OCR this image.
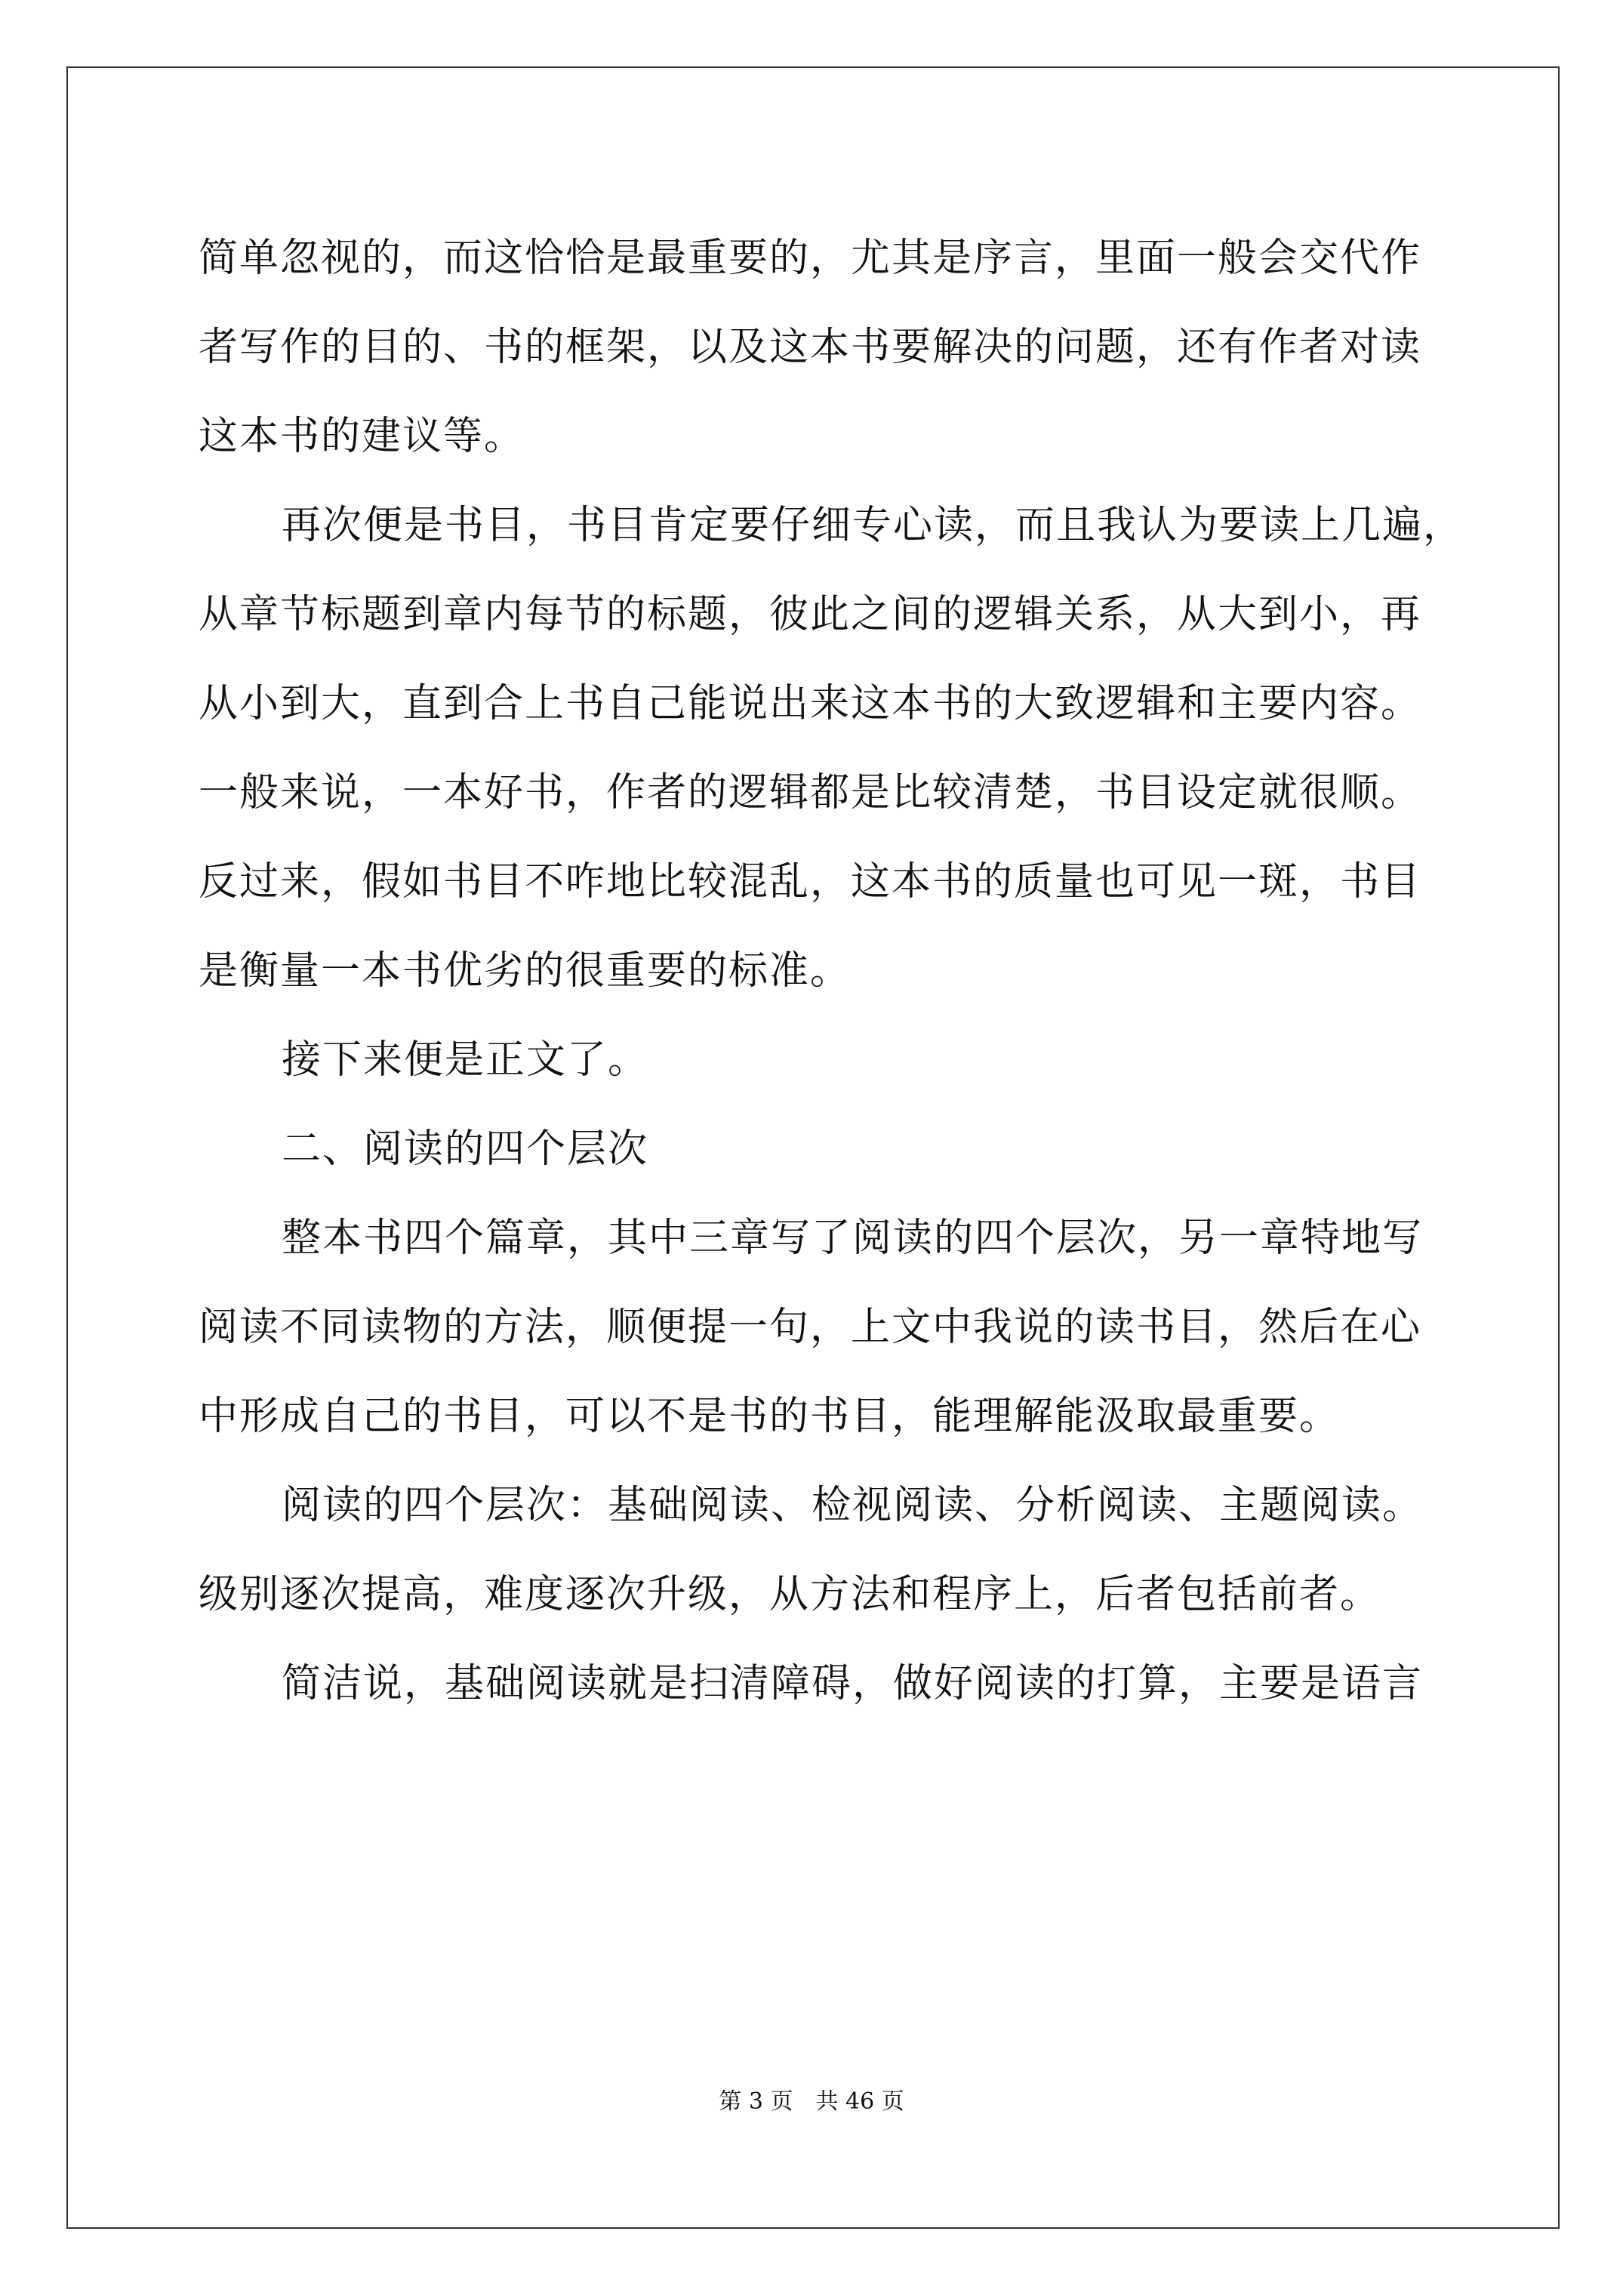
简单忽视的，而这恰恰是最重要的，尤其是序言，里面一般会交代作
者写作的目的、书的框架，以及这本书要解决的问题，还有作者对读
这本书的建议等。
再次便是书目，书目肯定要仔细专心读，而且我认为要读上几遍，
从章节标题到章内每节的标题，彼此之间的逻辑关系，从大到小，再
从小到大，直到合上书自己能说出来这本书的大致逻辑和主要内容。
一般来说，一本好书，作者的逻辑都是比较清楚，书目设定就很顺。
反过来，假如书目不咋地比较混乱，这本书的质量也可见一斑，书目
是衡量一本书优劣的很重要的标准。
接下来便是正文了。
二、阅读的四个层次
整本书四个篇章，其中三章写了阅读的四个层次，另一章特地写
阅读不同读物的方法，顺便提一句，上文中我说的读书目，然后在心
中形成自己的书目，可以不是书的书目，能理解能汲取最重要。
阅读的四个层次：基础阅读、检视阅读、分析阅读、主题阅读。
级别逐次提高，难度逐次升级，从方法和程序上，后者包括前者。
简洁说，基础阅读就是扫清障碍，做好阅读的打算，主要是语言
第 3 页 共 46 页
